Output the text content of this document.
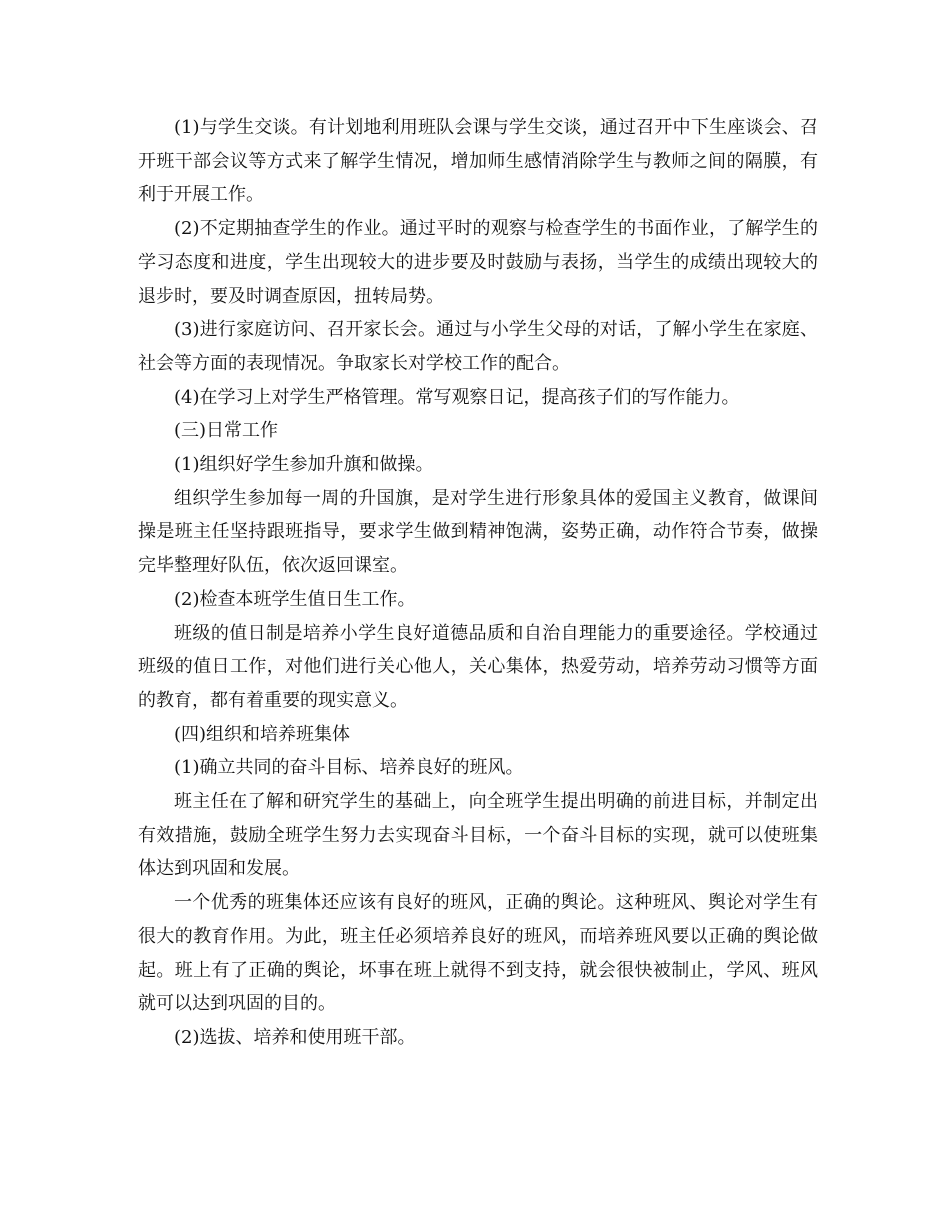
(1)与学生交谈。有计划地利用班队会课与学生交谈，通过召开中下生座谈会、召开班干部会议等方式来了解学生情况，增加师生感情消除学生与教师之间的隔膜，有利于开展工作。

(2)不定期抽查学生的作业。通过平时的观察与检查学生的书面作业，了解学生的学习态度和进度，学生出现较大的进步要及时鼓励与表扬，当学生的成绩出现较大的退步时，要及时调查原因，扭转局势。

(3)进行家庭访问、召开家长会。通过与小学生父母的对话，了解小学生在家庭、社会等方面的表现情况。争取家长对学校工作的配合。

(4)在学习上对学生严格管理。常写观察日记，提高孩子们的写作能力。

(三)日常工作

(1)组织好学生参加升旗和做操。

组织学生参加每一周的升国旗，是对学生进行形象具体的爱国主义教育，做课间操是班主任坚持跟班指导，要求学生做到精神饱满，姿势正确，动作符合节奏，做操完毕整理好队伍，依次返回课室。

(2)检查本班学生值日生工作。

班级的值日制是培养小学生良好道德品质和自治自理能力的重要途径。学校通过班级的值日工作，对他们进行关心他人，关心集体，热爱劳动，培养劳动习惯等方面的教育，都有着重要的现实意义。

(四)组织和培养班集体

(1)确立共同的奋斗目标、培养良好的班风。

班主任在了解和研究学生的基础上，向全班学生提出明确的前进目标，并制定出有效措施，鼓励全班学生努力去实现奋斗目标，一个奋斗目标的实现，就可以使班集体达到巩固和发展。

一个优秀的班集体还应该有良好的班风，正确的舆论。这种班风、舆论对学生有很大的教育作用。为此，班主任必须培养良好的班风，而培养班风要以正确的舆论做起。班上有了正确的舆论，坏事在班上就得不到支持，就会很快被制止，学风、班风就可以达到巩固的目的。

(2)选拔、培养和使用班干部。
